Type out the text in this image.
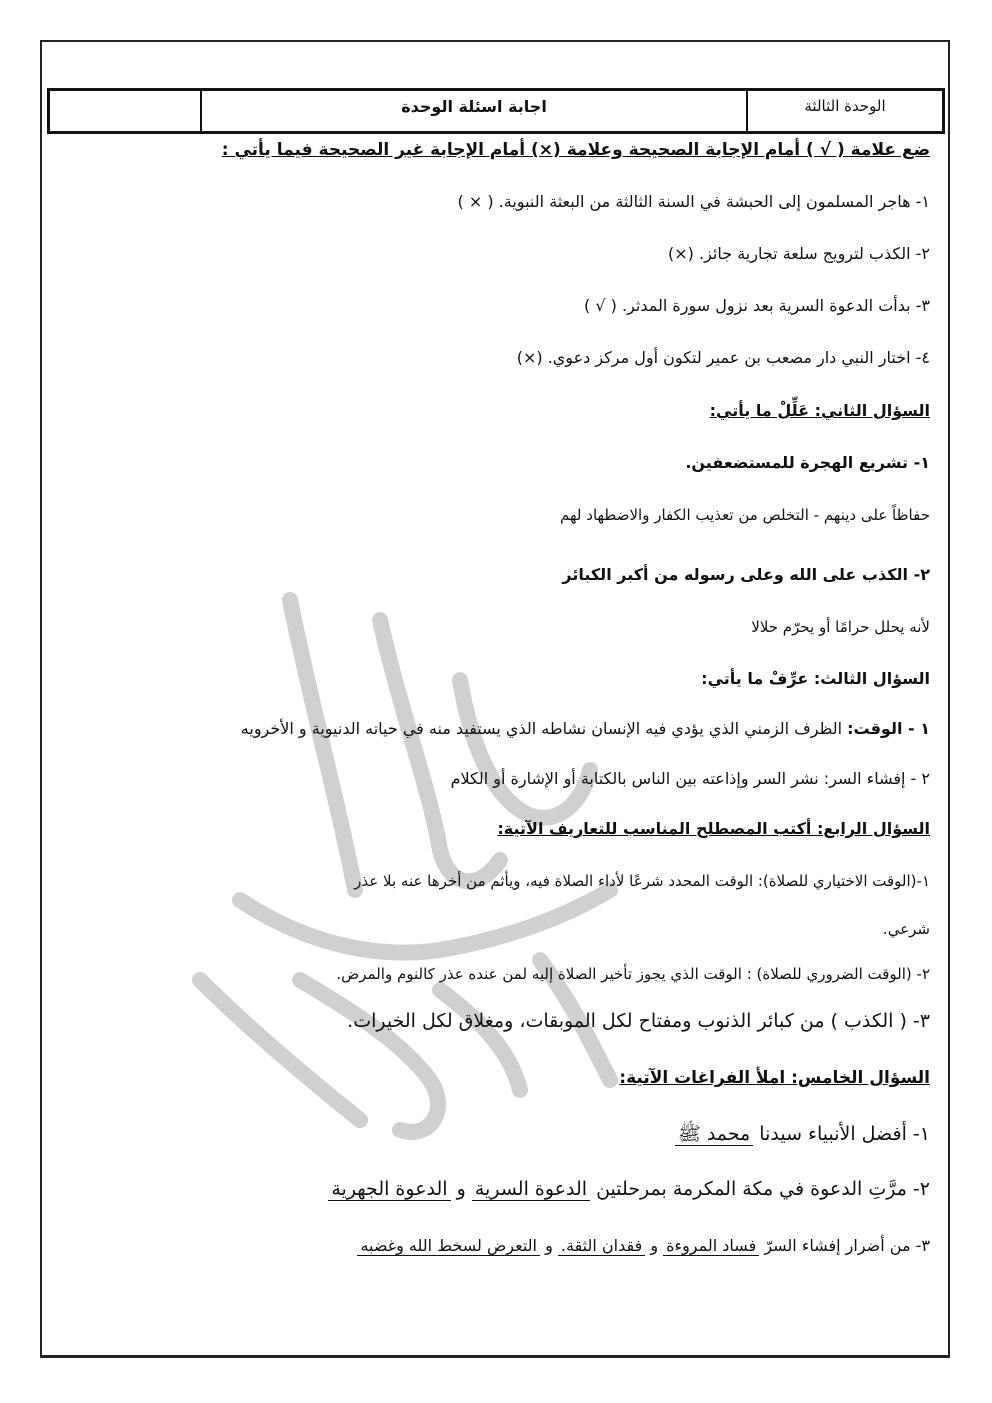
الوحدة الثالثة
اجابة اسئلة الوحدة
ضع علامة ( √ ) أمام الإجابة الصحيحة وعلامة (×) أمام الإجابة غير الصحيحة فيما يأتي :
١- هاجر المسلمون إلى الحبشة في السنة الثالثة من البعثة النبوية. ( × )
٢- الكذب لترويج سلعة تجارية جائز. (×)
٣- بدأت الدعوة السرية بعد نزول سورة المدثر. ( √ )
٤- اختار النبي دار مصعب بن عمير لتكون أول مركز دعوي. (×)
السؤال الثاني: عَلِّلْ ما يأتي:
١- تشريع الهجرة للمستضعفين.
حفاظاً على دينهم - التخلص من تعذيب الكفار والاضطهاد لهم
٢- الكذب على الله وعلى رسوله من أكبر الكبائر
لأنه يحلل حرامًا أو يحرّم حلالا
السؤال الثالث: عرِّفْ ما يأتي:
١ - الوقت: الظرف الزمني الذي يؤدي فيه الإنسان نشاطه الذي يستفيد منه في حياته الدنيوية و الأخرويه
٢ - إفشاء السر: نشر السر وإذاعته بين الناس بالكتابة أو الإشارة أو الكلام
السؤال الرابع: أكتب المصطلح المناسب للتعاريف الآتية:
١-(الوقت الاختياري للصلاة): الوقت المحدد شرعًا لأداء الصلاة فيه، ويأثم من أخرها عنه بلا عذر
شرعي.
٢- (الوقت الضروري للصلاة) : الوقت الذي يجوز تأخير الصلاة إليه لمن عنده عذر كالنوم والمرض.
٣- ( الكذب ) من كبائر الذنوب ومفتاح لكل الموبقات، ومغلاق لكل الخيرات.
السؤال الخامس: املأ الفراغات الآتية:
١- أفضل الأنبياء سيدنا محمد ﷺ
٢- مرَّتِ الدعوة في مكة المكرمة بمرحلتين الدعوة السرية و الدعوة الجهرية
٣- من أضرار إفشاء السرّ فساد المروءة و فقدان الثقة. و التعرض لسخط الله وغضبه
